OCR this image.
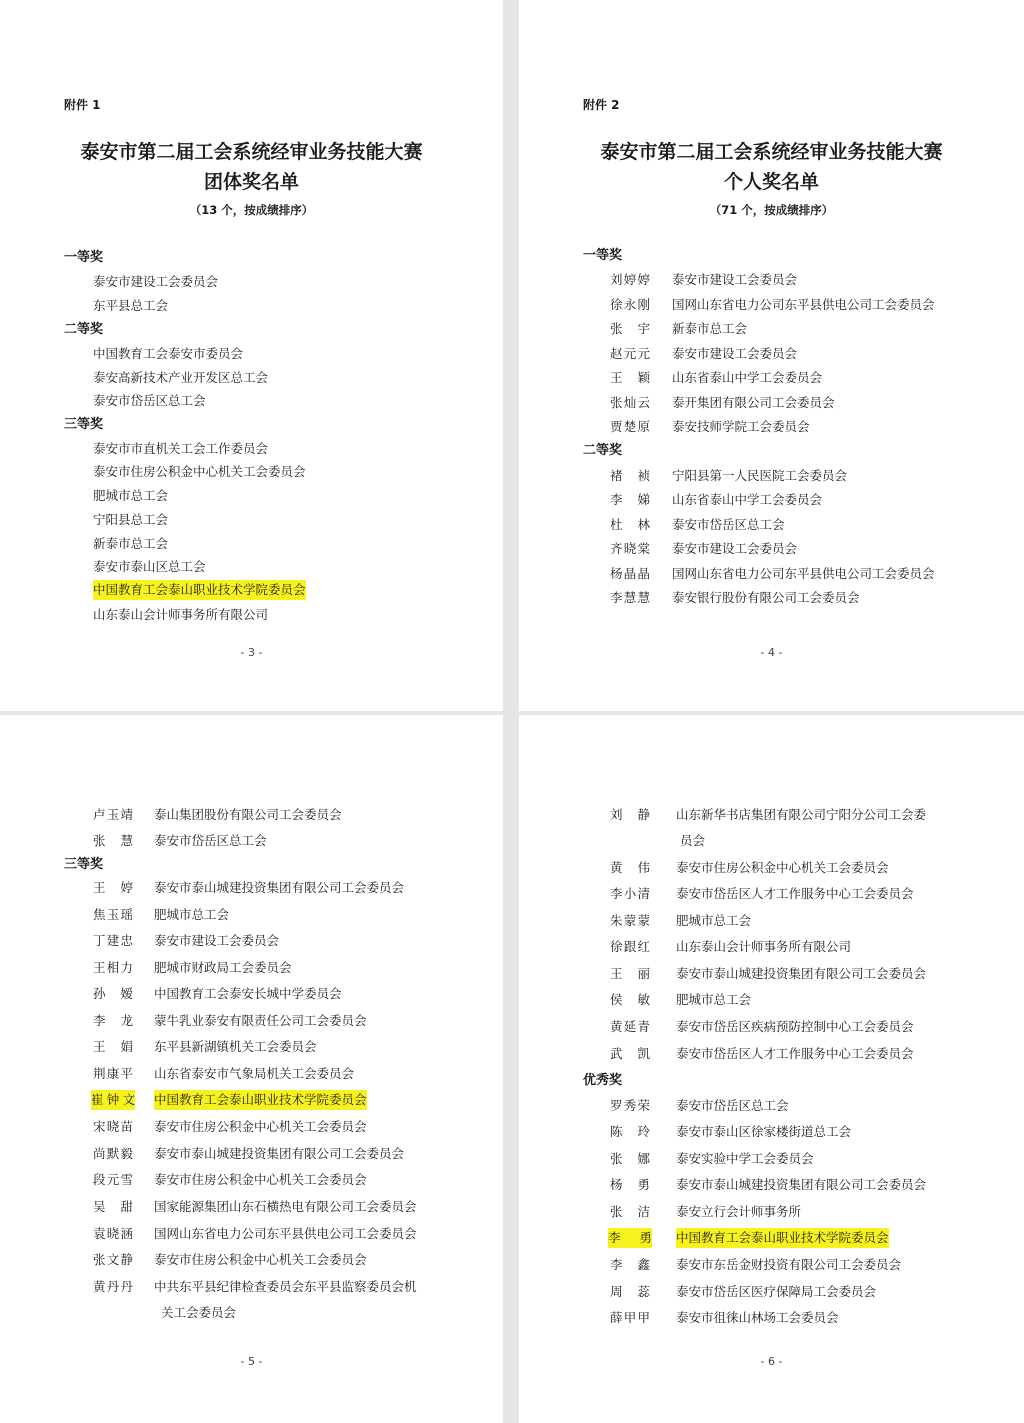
附件 1
泰安市第二届工会系统经审业务技能大赛
团体奖名单
（13 个，按成绩排序）
一等奖
泰安市建设工会委员会
东平县总工会
二等奖
中国教育工会泰安市委员会
泰安高新技术产业开发区总工会
泰安市岱岳区总工会
三等奖
泰安市市直机关工会工作委员会
泰安市住房公积金中心机关工会委员会
肥城市总工会
宁阳县总工会
新泰市总工会
泰安市泰山区总工会
中国教育工会泰山职业技术学院委员会
山东泰山会计师事务所有限公司
- 3 -
附件 2
泰安市第二届工会系统经审业务技能大赛
个人奖名单
（71 个，按成绩排序）
一等奖
刘婷婷 泰安市建设工会委员会
徐永刚 国网山东省电力公司东平县供电公司工会委员会
张宇 新泰市总工会
赵元元 泰安市建设工会委员会
王颖 山东省泰山中学工会委员会
张灿云 泰开集团有限公司工会委员会
贾楚原 泰安技师学院工会委员会
二等奖
褚祯 宁阳县第一人民医院工会委员会
李娣 山东省泰山中学工会委员会
杜林 泰安市岱岳区总工会
齐晓棠 泰安市建设工会委员会
杨晶晶 国网山东省电力公司东平县供电公司工会委员会
李慧慧 泰安银行股份有限公司工会委员会
- 4 -
卢玉靖 泰山集团股份有限公司工会委员会
张慧 泰安市岱岳区总工会
三等奖
王婷 泰安市泰山城建投资集团有限公司工会委员会
焦玉瑶 肥城市总工会
丁建忠 泰安市建设工会委员会
王相力 肥城市财政局工会委员会
孙嫒 中国教育工会泰安长城中学委员会
李龙 蒙牛乳业泰安有限责任公司工会委员会
王娟 东平县新湖镇机关工会委员会
荆康平 山东省泰安市气象局机关工会委员会
崔钟文 中国教育工会泰山职业技术学院委员会
宋晓苗 泰安市住房公积金中心机关工会委员会
尚默毅 泰安市泰山城建投资集团有限公司工会委员会
段元雪 泰安市住房公积金中心机关工会委员会
吴甜 国家能源集团山东石横热电有限公司工会委员会
袁晓涵 国网山东省电力公司东平县供电公司工会委员会
张文静 泰安市住房公积金中心机关工会委员会
黄丹丹 中共东平县纪律检查委员会东平县监察委员会机
关工会委员会
- 5 -
刘静 山东新华书店集团有限公司宁阳分公司工会委
员会
黄伟 泰安市住房公积金中心机关工会委员会
李小清 泰安市岱岳区人才工作服务中心工会委员会
朱蒙蒙 肥城市总工会
徐跟红 山东泰山会计师事务所有限公司
王丽 泰安市泰山城建投资集团有限公司工会委员会
侯敏 肥城市总工会
黄延青 泰安市岱岳区疾病预防控制中心工会委员会
武凯 泰安市岱岳区人才工作服务中心工会委员会
优秀奖
罗秀荣 泰安市岱岳区总工会
陈玲 泰安市泰山区徐家楼街道总工会
张娜 泰安实验中学工会委员会
杨勇 泰安市泰山城建投资集团有限公司工会委员会
张洁 泰安立行会计师事务所
李勇 中国教育工会泰山职业技术学院委员会
李鑫 泰安市东岳金财投资有限公司工会委员会
周蕊 泰安市岱岳区医疗保障局工会委员会
薛甲甲 泰安市徂徕山林场工会委员会
- 6 -
